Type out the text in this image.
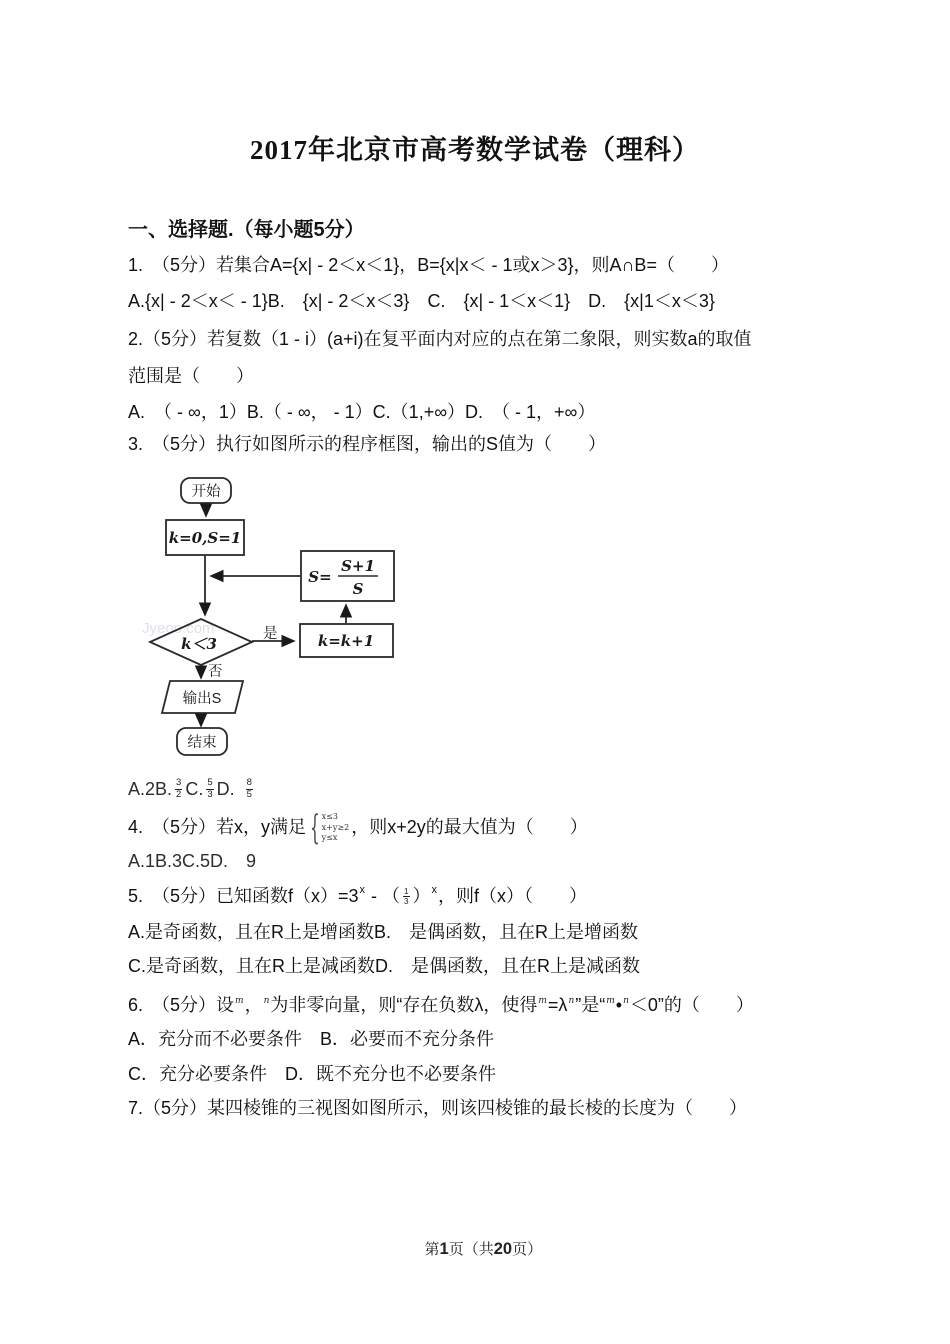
2017年北京市高考数学试卷（理科）
一、选择题.（每小题5分）
1.　（5分）若集合A={x| - 2＜x＜1}，B={x|x＜ - 1或x＞3}，则A∩B=（　　）
A.{x| - 2＜x＜ - 1}B.　{x| - 2＜x＜3}　C.　{x| - 1＜x＜1}　D.　{x|1＜x＜3}
2.（5分）若复数（1 - i）(a+i)在复平面内对应的点在第二象限，则实数a的取值
范围是（　　）
A.　（ - ∞，1）B.（ - ∞， - 1）C.（1,+∞）D.　（ - 1，+∞）
3.　（5分）执行如图所示的程序框图，输出的S值为（　　）
Jyeoo.com
开始
k=0,S=1
S=
S+1
S
k＜3
是	k=k+1
否
输出S
结束
A.2 B. $\frac{3}{2} C$. $\frac{5}{3} D$. $\frac{8}{5}$
4.　（5分）若x，y满足 { x≤3
x+y≥2
y≤x
，则x+2y的最大值为（　　）
A.1B.3C.5D.　9
5.　（5分）已知函数$f(x)=3^x$ - （ $\frac{1}{3} )^x$ ，则f（x）（　　）
A.是奇函数，且在R上是增函数B.　是偶函数，且在R上是增函数
C.是奇函数，且在R上是减函数D.　是偶函数，且在R上是减函数
6.　（5分）设 m ， n 为非零向量，则“存在负数λ，使得 m =λ n ”是“ m • n ＜0”的（　　）
A．充分而不必要条件　B．必要而不充分条件
C．充分必要条件　D．既不充分也不必要条件
7.（5分）某四棱锥的三视图如图所示，则该四棱锥的最长棱的长度为（　　）

第1页（共20页）
